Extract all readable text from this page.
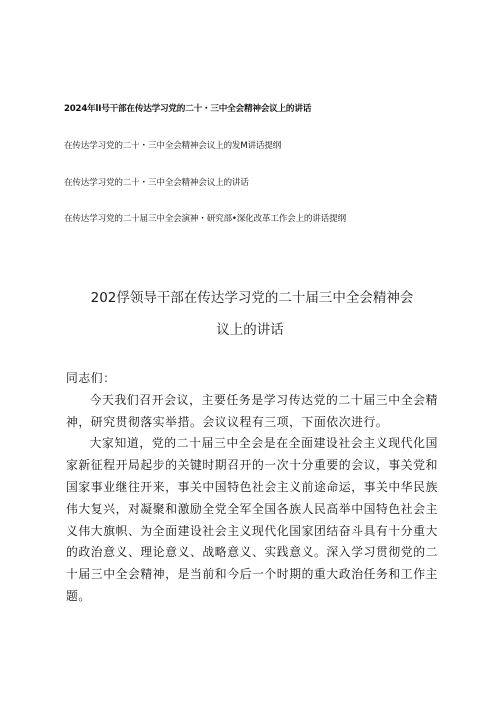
2024年lI号干部在传达学习党的二十・三中全会精神会议上的讲话
在传达学习党的二十・三中全会精神会议上的发M讲话提纲
在传达学习党的二十・三中全会精神会议上的讲话
在传达学习党的二十届三中全会演神・研究部•深化改革工作会上的讲话提纲
202俘领导干部在传达学习党的二十届三中全会精神会
议上的讲话

同志们：

今天我们召开会议，主要任务是学习传达党的二十届三中全会精神，研究贯彻落实举措。会议议程有三项，下面依次进行。

大家知道，党的二十届三中全会是在全面建设社会主义现代化国家新征程开局起步的关键时期召开的一次十分重要的会议，事关党和国家事业继往开来，事关中国特色社会主义前途命运，事关中华民族伟大复兴，对凝聚和激励全党全军全国各族人民高举中国特色社会主义伟大旗帜、为全面建设社会主义现代化国家团结奋斗具有十分重大的政治意义、理论意义、战略意义、实践意义。深入学习贯彻党的二十届三中全会精神，是当前和今后一个时期的重大政治任务和工作主题。
